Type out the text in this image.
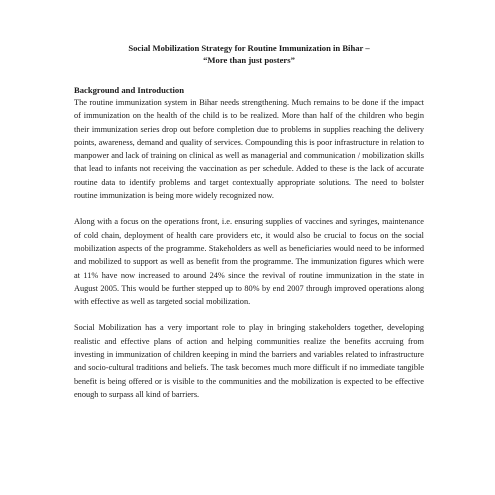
Social Mobilization Strategy for Routine Immunization in Bihar –
“More than just posters”

Background and Introduction

The routine immunization system in Bihar needs strengthening. Much remains to be done if the impact of immunization on the health of the child is to be realized. More than half of the children who begin their immunization series drop out before completion due to problems in supplies reaching the delivery points, awareness, demand and quality of services. Compounding this is poor infrastructure in relation to manpower and lack of training on clinical as well as managerial and communication / mobilization skills that lead to infants not receiving the vaccination as per schedule. Added to these is the lack of accurate routine data to identify problems and target contextually appropriate solutions. The need to bolster routine immunization is being more widely recognized now.

Along with a focus on the operations front, i.e. ensuring supplies of vaccines and syringes, maintenance of cold chain, deployment of health care providers etc, it would also be crucial to focus on the social mobilization aspects of the programme. Stakeholders as well as beneficiaries would need to be informed and mobilized to support as well as benefit from the programme. The immunization figures which were at 11% have now increased to around 24% since the revival of routine immunization in the state in August 2005. This would be further stepped up to 80% by end 2007 through improved operations along with effective as well as targeted social mobilization.

Social Mobilization has a very important role to play in bringing stakeholders together, developing realistic and effective plans of action and helping communities realize the benefits accruing from investing in immunization of children keeping in mind the barriers and variables related to infrastructure and socio-cultural traditions and beliefs. The task becomes much more difficult if no immediate tangible benefit is being offered or is visible to the communities and the mobilization is expected to be effective enough to surpass all kind of barriers.
